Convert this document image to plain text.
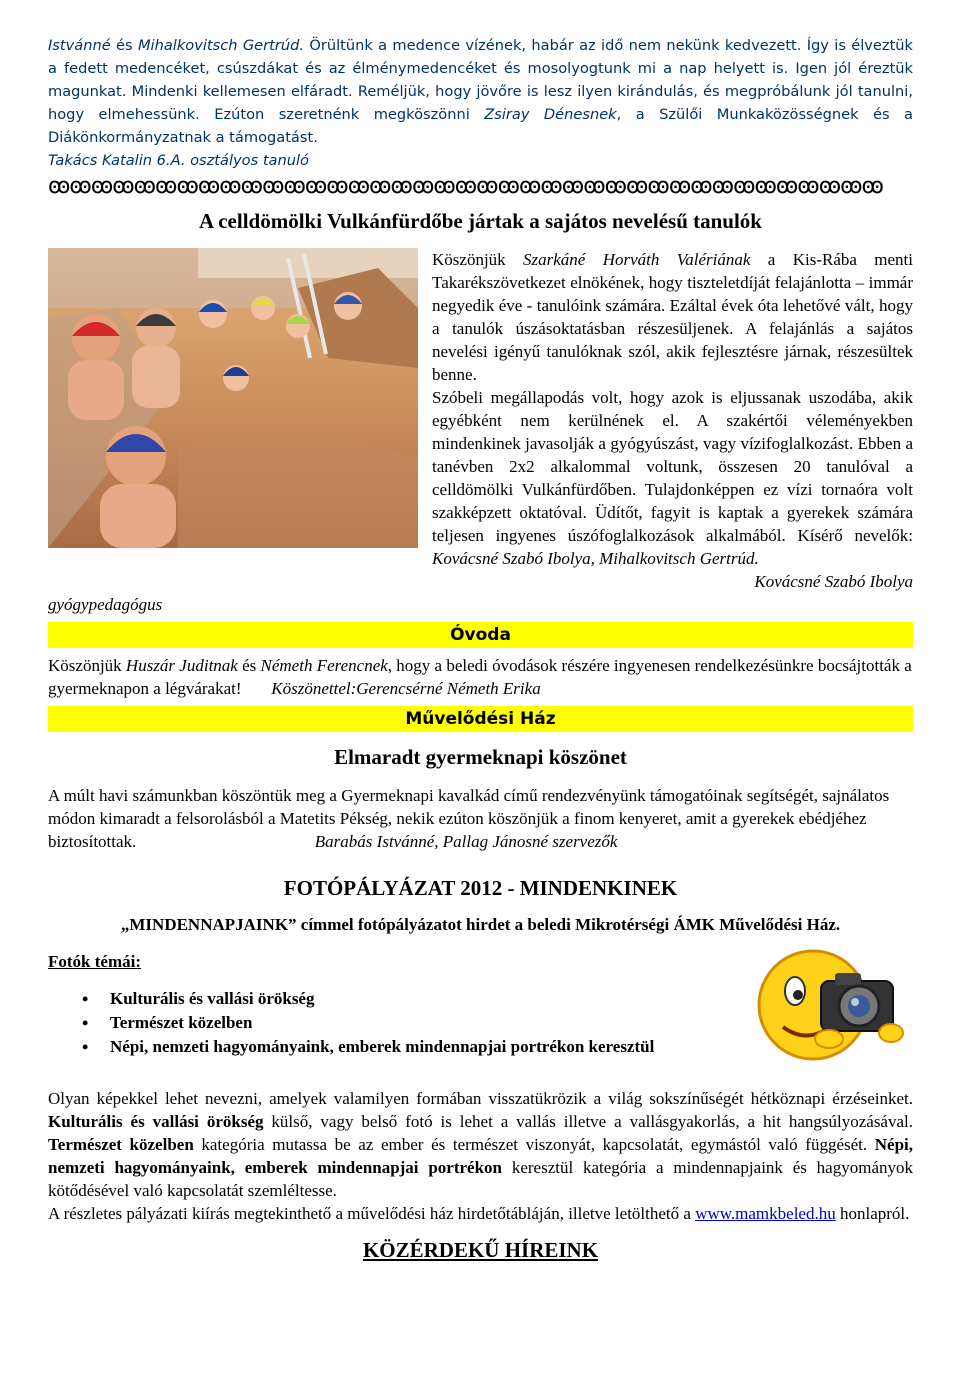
Istvánné és Mihalkovitsch Gertrúd. Örültünk a medence vízének, habár az idő nem nekünk kedvezett. Így is élveztük a fedett medencéket, csúszdákat és az élménymedencéket és mosolyogtunk mi a nap helyett is. Igen jól éreztük magunkat. Mindenki kellemesen elfáradt. Reméljük, hogy jövőre is lesz ilyen kirándulás, és megpróbálunk jól tanulni, hogy elmehessünk. Ezúton szeretnénk megköszönni Zsiray Dénesnek, a Szülői Munkaközösségnek és a Diákönkormányzatnak a támogatást.
Takács Katalin 6.A. osztályos tanuló
ꙭꙭꙭꙭꙭꙭꙭꙭꙭꙭꙭꙭꙭꙭꙭꙭꙭꙭꙭꙭꙭꙭꙭꙭꙭꙭꙭꙭꙭꙭꙭꙭꙭꙭꙭꙭꙭꙭꙭ
A celldömölki Vulkánfürdőbe jártak a sajátos nevelésű tanulók
Köszönjük Szarkáné Horváth Valériának a Kis-Rába menti Takarékszövetkezet elnökének, hogy tiszteletdíját felajánlotta – immár negyedik éve - tanulóink számára. Ezáltal évek óta lehetővé vált, hogy a tanulók úszásoktatásban részesüljenek. A felajánlás a sajátos nevelési igényű tanulóknak szól, akik fejlesztésre járnak, részesültek benne.
Szóbeli megállapodás volt, hogy azok is eljussanak uszodába, akik egyébként nem kerülnének el. A szakértői véleményekben mindenkinek javasolják a gyógyúszást, vagy vízifoglalkozást. Ebben a tanévben 2x2 alkalommal voltunk, összesen 20 tanulóval a celldömölki Vulkánfürdőben. Tulajdonképpen ez vízi tornaóra volt szakképzett oktatóval. Üdítőt, fagyit is kaptak a gyerekek számára teljesen ingyenes úszófoglalkozások alkalmából. Kísérő nevelők: Kovácsné Szabó Ibolya, Mihalkovitsch Gertrúd.
Kovácsné Szabó Ibolya
gyógypedagógus
Óvoda
Köszönjük Huszár Juditnak és Németh Ferencnek, hogy a beledi óvodások részére ingyenesen rendelkezésünkre bocsájtották a gyermeknapon a légvárakat! Köszönettel:Gerencsérné Németh Erika
Művelődési Ház
Elmaradt gyermeknapi köszönet
A múlt havi számunkban köszöntük meg a Gyermeknapi kavalkád című rendezvényünk támogatóinak segítségét, sajnálatos módon kimaradt a felsorolásból a Matetits Pékség, nekik ezúton köszönjük a finom kenyeret, amit a gyerekek ebédjéhez biztosítottak.	Barabás Istvánné, Pallag Jánosné szervezők
FOTÓPÁLYÁZAT 2012 - MINDENKINEK
„MINDENNAPJAINK” címmel fotópályázatot hirdet a beledi Mikrotérségi ÁMK Művelődési Ház.
Fotók témái:
• Kulturális és vallási örökség
• Természet közelben
• Népi, nemzeti hagyományaink, emberek mindennapjai portrékon keresztül
Olyan képekkel lehet nevezni, amelyek valamilyen formában visszatükrözik a világ sokszínűségét hétköznapi érzéseinket. Kulturális és vallási örökség külső, vagy belső fotó is lehet a vallás illetve a vallásgyakorlás, a hit hangsúlyozásával. Természet közelben kategória mutassa be az ember és természet viszonyát, kapcsolatát, egymástól való függését. Népi, nemzeti hagyományaink, emberek mindennapjai portrékon keresztül kategória a mindennapjaink és hagyományok kötődésével való kapcsolatát szemléltesse.
A részletes pályázati kiírás megtekinthető a művelődési ház hirdetőtábláján, illetve letölthető a www.mamkbeled.hu honlapról.
KÖZÉRDEKŰ HÍREINK
